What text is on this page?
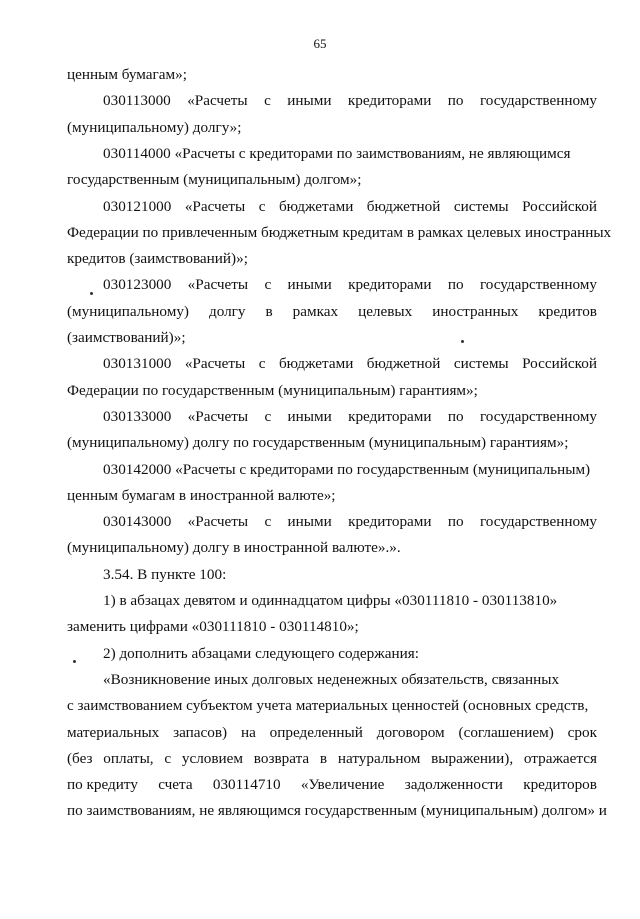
65
ценным бумагам»;
030113000 «Расчеты с иными кредиторами по государственному
(муниципальному) долгу»;
030114000 «Расчеты с кредиторами по заимствованиям, не являющимся
государственным (муниципальным) долгом»;
030121000 «Расчеты с бюджетами бюджетной системы Российской
Федерации по привлеченным бюджетным кредитам в рамках целевых иностранных
кредитов (заимствований)»;
030123000 «Расчеты с иными кредиторами по государственному
(муниципальному) долгу в рамках целевых иностранных кредитов
(заимствований)»;
030131000 «Расчеты с бюджетами бюджетной системы Российской
Федерации по государственным (муниципальным) гарантиям»;
030133000 «Расчеты с иными кредиторами по государственному
(муниципальному) долгу по государственным (муниципальным) гарантиям»;
030142000 «Расчеты с кредиторами по государственным (муниципальным)
ценным бумагам в иностранной валюте»;
030143000 «Расчеты с иными кредиторами по государственному
(муниципальному) долгу в иностранной валюте».».
3.54. В пункте 100:
1) в абзацах девятом и одиннадцатом цифры «030111810 - 030113810»
заменить цифрами «030111810 - 030114810»;
2) дополнить абзацами следующего содержания:
«Возникновение иных долговых неденежных обязательств, связанных
с заимствованием субъектом учета материальных ценностей (основных средств,
материальных запасов) на определенный договором (соглашением) срок
(без оплаты, с условием возврата в натуральном выражении), отражается
по кредиту счета 030114710 «Увеличение задолженности кредиторов
по заимствованиям, не являющимся государственным (муниципальным) долгом» и
